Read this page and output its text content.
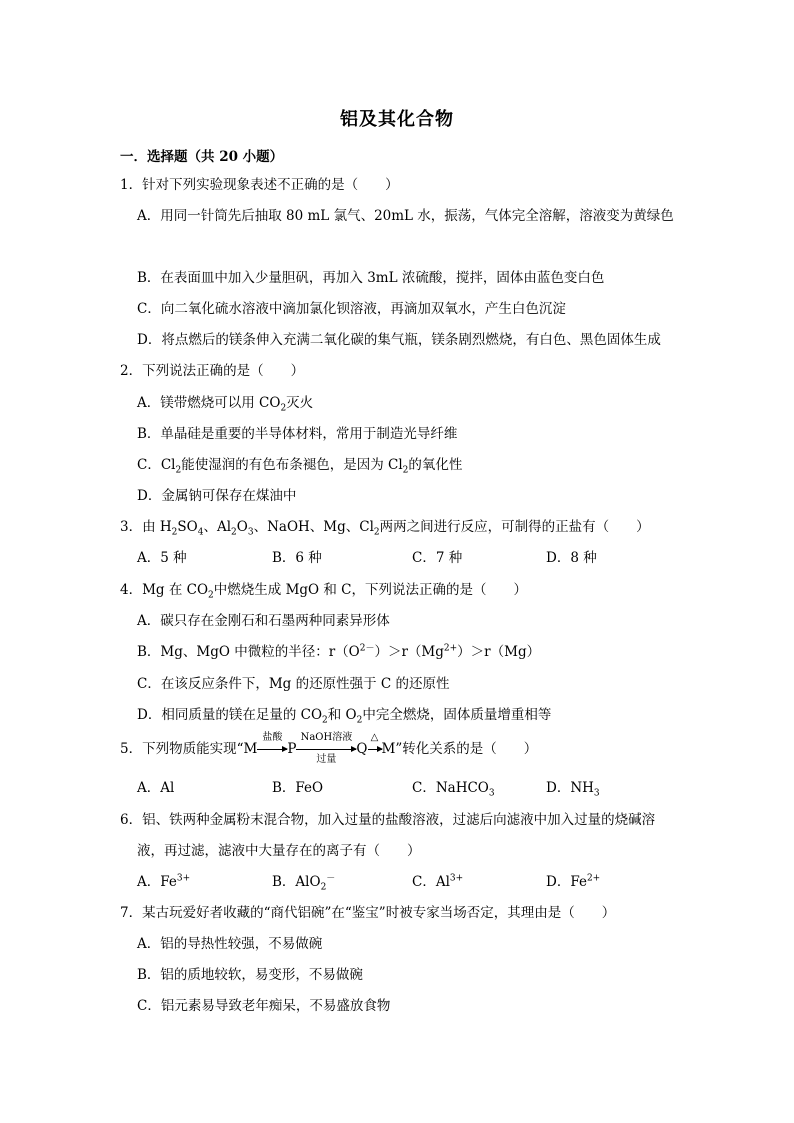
铝及其化合物
一．选择题（共 20 小题）
1．针对下列实验现象表述不正确的是（　　）
A．用同一针筒先后抽取 80 mL 氯气、20mL 水，振荡，气体完全溶解，溶液变为黄绿色
B．在表面皿中加入少量胆矾，再加入 3mL 浓硫酸，搅拌，固体由蓝色变白色
C．向二氧化硫水溶液中滴加氯化钡溶液，再滴加双氧水，产生白色沉淀
D．将点燃后的镁条伸入充满二氧化碳的集气瓶，镁条剧烈燃烧，有白色、黑色固体生成
2．下列说法正确的是（　　）
A．镁带燃烧可以用 $CO_2$灭火
B．单晶硅是重要的半导体材料，常用于制造光导纤维
C．$Cl_2$能使湿润的有色布条褪色，是因为 $Cl_2$的氧化性
D．金属钠可保存在煤油中
3．由 $H_2SO_4$、$Al_2O_3$、NaOH、Mg、$Cl_2$两两之间进行反应，可制得的正盐有（　　）
A．5 种	B．6 种	C．7 种	D．8 种
4．Mg 在 $CO_2$中燃烧生成 MgO 和 C，下列说法正确的是（　　）
A．碳只存在金刚石和石墨两种同素异形体
B．Mg、MgO 中微粒的半径：$r(O^{2-})>r(Mg^{2+})>r(Mg)$
C．在该反应条件下，Mg 的还原性强于 C 的还原性
D．相同质量的镁在足量的 $CO_2$和 $O_2$中完全燃烧，固体质量增重相等
5．下列物质能实现“M
盐酸
P
NaOH溶液
过量
Q
△
M”转化关系的是（　　）
A．Al	B．FeO	C．NaHCO$_3$	D．$NH_3$
6．铝、铁两种金属粉末混合物，加入过量的盐酸溶液，过滤后向滤液中加入过量的烧碱溶
液，再过滤，滤液中大量存在的离子有（　　）
A．$Fe^{3+}$	B．AlO$_2$－	C．$Al^{3+}$	D．$Fe^{2+}$
7．某古玩爱好者收藏的“商代铝碗”在“鉴宝”时被专家当场否定，其理由是（　　）
A．铝的导热性较强，不易做碗
B．铝的质地较软，易变形，不易做碗
C．铝元素易导致老年痴呆，不易盛放食物
